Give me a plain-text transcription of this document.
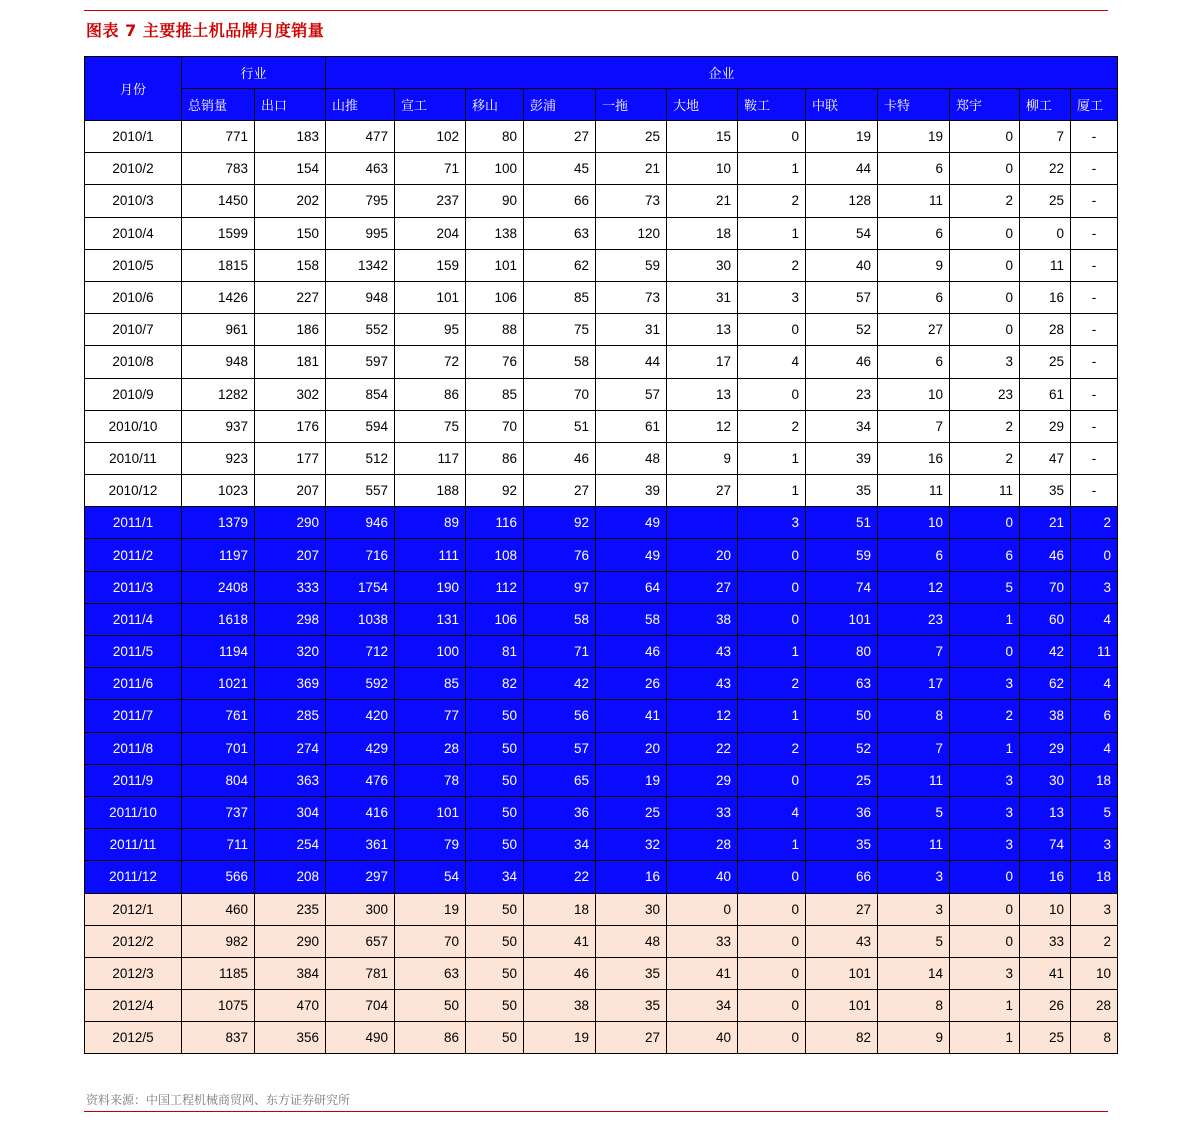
图表 7 主要推土机品牌月度销量
月份	行业		企业											
	总销量	出口	山推	宣工	移山	彭浦	一拖	大地	鞍工	中联	卡特	郑宇	柳工	厦工
2010/1	771	183	477	102	80	27	25	15	0	19	19	0	7	-
2010/2	783	154	463	71	100	45	21	10	1	44	6	0	22	-
2010/3	1450	202	795	237	90	66	73	21	2	128	11	2	25	-
2010/4	1599	150	995	204	138	63	120	18	1	54	6	0	0	-
2010/5	1815	158	1342	159	101	62	59	30	2	40	9	0	11	-
2010/6	1426	227	948	101	106	85	73	31	3	57	6	0	16	-
2010/7	961	186	552	95	88	75	31	13	0	52	27	0	28	-
2010/8	948	181	597	72	76	58	44	17	4	46	6	3	25	-
2010/9	1282	302	854	86	85	70	57	13	0	23	10	23	61	-
2010/10	937	176	594	75	70	51	61	12	2	34	7	2	29	-
2010/11	923	177	512	117	86	46	48	9	1	39	16	2	47	-
2010/12	1023	207	557	188	92	27	39	27	1	35	11	11	35	-
2011/1	1379	290	946	89	116	92	49		3	51	10	0	21	2
2011/2	1197	207	716	111	108	76	49	20	0	59	6	6	46	0
2011/3	2408	333	1754	190	112	97	64	27	0	74	12	5	70	3
2011/4	1618	298	1038	131	106	58	58	38	0	101	23	1	60	4
2011/5	1194	320	712	100	81	71	46	43	1	80	7	0	42	11
2011/6	1021	369	592	85	82	42	26	43	2	63	17	3	62	4
2011/7	761	285	420	77	50	56	41	12	1	50	8	2	38	6
2011/8	701	274	429	28	50	57	20	22	2	52	7	1	29	4
2011/9	804	363	476	78	50	65	19	29	0	25	11	3	30	18
2011/10	737	304	416	101	50	36	25	33	4	36	5	3	13	5
2011/11	711	254	361	79	50	34	32	28	1	35	11	3	74	3
2011/12	566	208	297	54	34	22	16	40	0	66	3	0	16	18
2012/1	460	235	300	19	50	18	30	0	0	27	3	0	10	3
2012/2	982	290	657	70	50	41	48	33	0	43	5	0	33	2
2012/3	1185	384	781	63	50	46	35	41	0	101	14	3	41	10
2012/4	1075	470	704	50	50	38	35	34	0	101	8	1	26	28
2012/5	837	356	490	86	50	19	27	40	0	82	9	1	25	8
资料来源：中国工程机械商贸网、东方证券研究所
